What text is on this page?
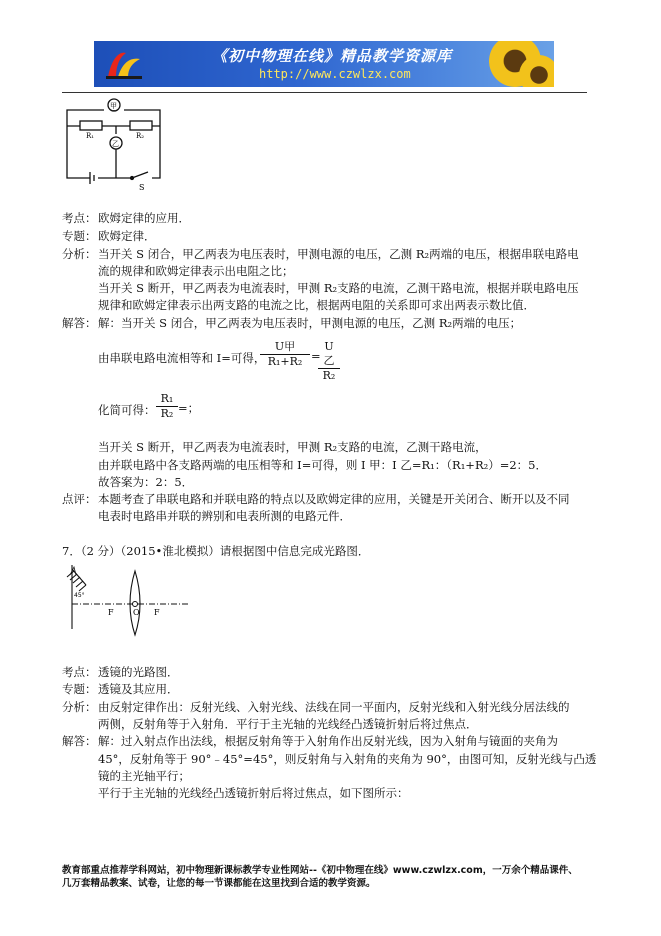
《初中物理在线》精品教学资源库
http://www.czwlzx.com
甲
乙
R₁	R₂
S
考点： 欧姆定律的应用．
专题： 欧姆定律．
分析： 当开关 S 闭合，甲乙两表为电压表时，甲测电源的电压，乙测 R₂两端的电压，根据串联电路电
流的规律和欧姆定律表示出电阻之比；
当开关 S 断开，甲乙两表为电流表时，甲测 R₂支路的电流，乙测干路电流，根据并联电路电压
规律和欧姆定律表示出两支路的电流之比，根据两电阻的关系即可求出两表示数比值．
解答： 解：当开关 S 闭合，甲乙两表为电压表时，甲测电源的电压，乙测 R₂两端的电压；
由串联电路电流相等和 I=可得，
U甲
R₁+R₂ =
U乙
R₂
化简可得： $\frac{\text{R₁}}{\text{R₂}}$ =；
当开关 S 断开，甲乙两表为电流表时，甲测 R₂支路的电流，乙测干路电流，
由并联电路中各支路两端的电压相等和 I=可得，则 I 甲：I 乙=R₁：（R₁+R₂）=2：5．
故答案为：2：5．
点评： 本题考查了串联电路和并联电路的特点以及欧姆定律的应用，关键是开关闭合、断开以及不同
电表时电路串并联的辨别和电表所测的电路元件．
7．（2 分）（2015•淮北模拟）请根据图中信息完成光路图．
45°
F O F
考点： 透镜的光路图．
专题： 透镜及其应用．
分析： 由反射定律作出：反射光线、入射光线、法线在同一平面内，反射光线和入射光线分居法线的
两侧，反射角等于入射角．平行于主光轴的光线经凸透镜折射后将过焦点．
解答： 解：过入射点作出法线，根据反射角等于入射角作出反射光线，因为入射角与镜面的夹角为
45°，反射角等于 90°﹣45°=45°，则反射角与入射角的夹角为 90°，由图可知，反射光线与凸透
镜的主光轴平行；
平行于主光轴的光线经凸透镜折射后将过焦点，如下图所示：
教育部重点推荐学科网站，初中物理新课标教学专业性网站--《初中物理在线》www.czwlzx.com，一万余个精品课件、
几万套精品教案、试卷，让您的每一节课都能在这里找到合适的教学资源。
